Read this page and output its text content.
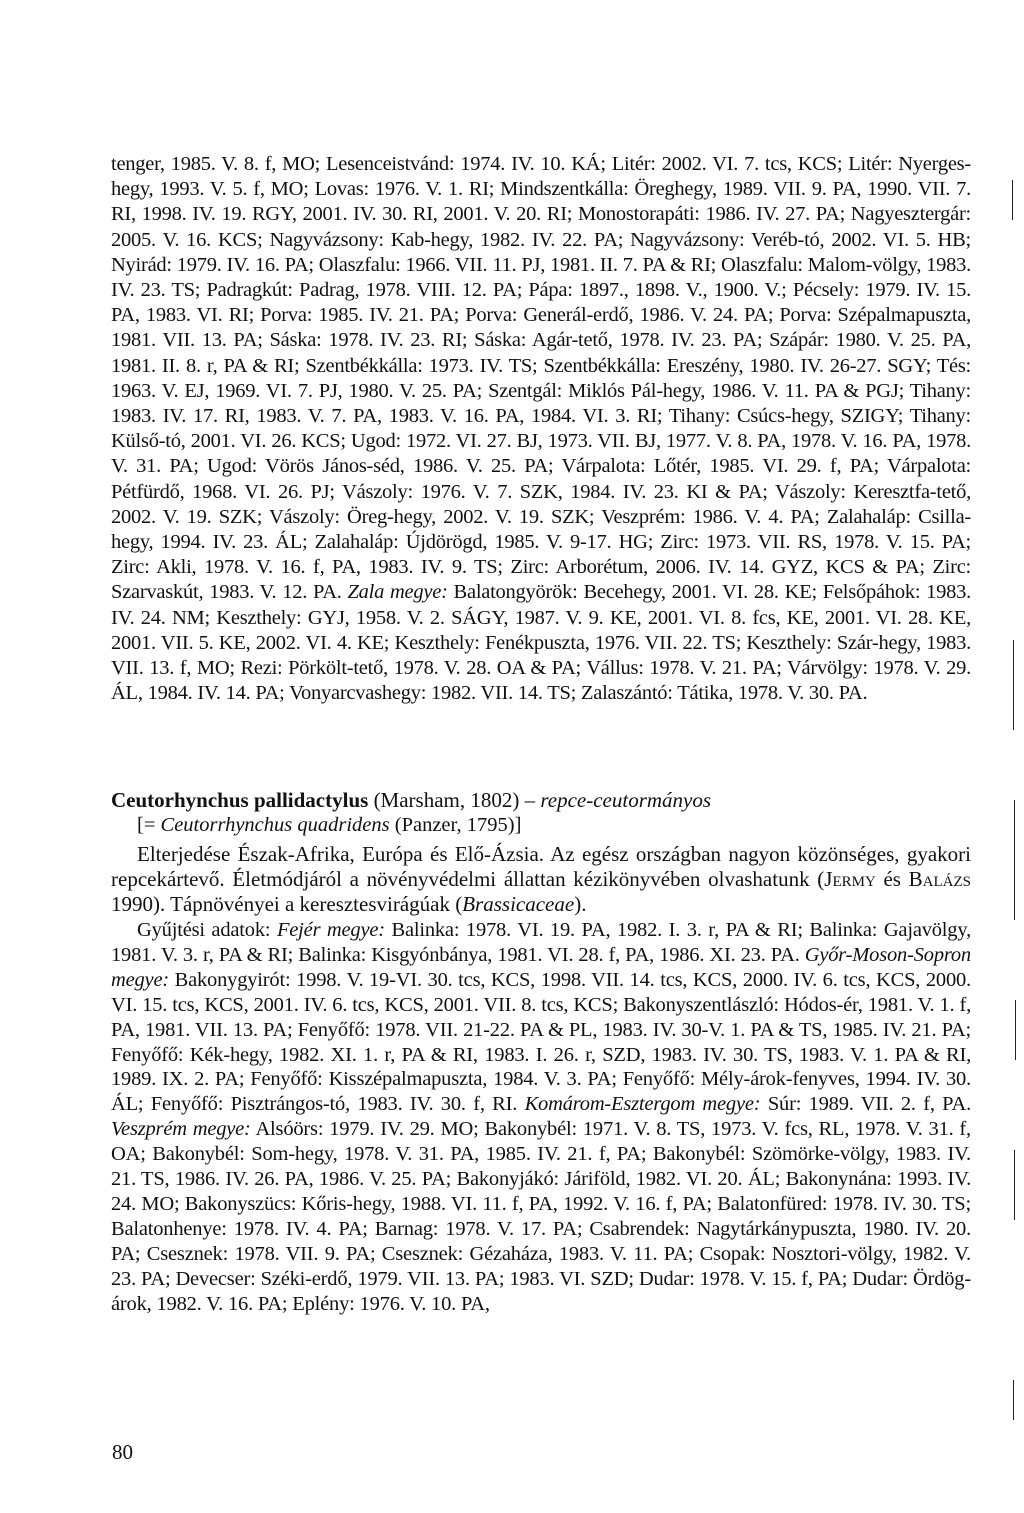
tenger, 1985. V. 8. f, MO; Lesenceistvánd: 1974. IV. 10. KÁ; Litér: 2002. VI. 7. tcs, KCS; Litér: Nyerges-hegy, 1993. V. 5. f, MO; Lovas: 1976. V. 1. RI; Mindszentkálla: Öreghegy, 1989. VII. 9. PA, 1990. VII. 7. RI, 1998. IV. 19. RGY, 2001. IV. 30. RI, 2001. V. 20. RI; Monostorapáti: 1986. IV. 27. PA; Nagyesztergár: 2005. V. 16. KCS; Nagyvázsony: Kab-hegy, 1982. IV. 22. PA; Nagyvázsony: Veréb-tó, 2002. VI. 5. HB; Nyirád: 1979. IV. 16. PA; Olaszfalu: 1966. VII. 11. PJ, 1981. II. 7. PA & RI; Olaszfalu: Malom-völgy, 1983. IV. 23. TS; Padragkút: Padrag, 1978. VIII. 12. PA; Pápa: 1897., 1898. V., 1900. V.; Pécsely: 1979. IV. 15. PA, 1983. VI. RI; Porva: 1985. IV. 21. PA; Porva: Generál-erdő, 1986. V. 24. PA; Porva: Szépalmapuszta, 1981. VII. 13. PA; Sáska: 1978. IV. 23. RI; Sáska: Agár-tető, 1978. IV. 23. PA; Szápár: 1980. V. 25. PA, 1981. II. 8. r, PA & RI; Szentbékkálla: 1973. IV. TS; Szentbékkálla: Ereszény, 1980. IV. 26-27. SGY; Tés: 1963. V. EJ, 1969. VI. 7. PJ, 1980. V. 25. PA; Szentgál: Miklós Pál-hegy, 1986. V. 11. PA & PGJ; Tihany: 1983. IV. 17. RI, 1983. V. 7. PA, 1983. V. 16. PA, 1984. VI. 3. RI; Tihany: Csúcs-hegy, SZIGY; Tihany: Külső-tó, 2001. VI. 26. KCS; Ugod: 1972. VI. 27. BJ, 1973. VII. BJ, 1977. V. 8. PA, 1978. V. 16. PA, 1978. V. 31. PA; Ugod: Vörös János-séd, 1986. V. 25. PA; Várpalota: Lőtér, 1985. VI. 29. f, PA; Várpalota: Pétfürdő, 1968. VI. 26. PJ; Vászoly: 1976. V. 7. SZK, 1984. IV. 23. KI & PA; Vászoly: Keresztfa-tető, 2002. V. 19. SZK; Vászoly: Öreg-hegy, 2002. V. 19. SZK; Veszprém: 1986. V. 4. PA; Zalahaláp: Csilla-hegy, 1994. IV. 23. ÁL; Zalahaláp: Újdörögd, 1985. V. 9-17. HG; Zirc: 1973. VII. RS, 1978. V. 15. PA; Zirc: Akli, 1978. V. 16. f, PA, 1983. IV. 9. TS; Zirc: Arborétum, 2006. IV. 14. GYZ, KCS & PA; Zirc: Szarvaskút, 1983. V. 12. PA. Zala megye: Balatongyörök: Becehegy, 2001. VI. 28. KE; Felsőpáhok: 1983. IV. 24. NM; Keszthely: GYJ, 1958. V. 2. SÁGY, 1987. V. 9. KE, 2001. VI. 8. fcs, KE, 2001. VI. 28. KE, 2001. VII. 5. KE, 2002. VI. 4. KE; Keszthely: Fenékpuszta, 1976. VII. 22. TS; Keszthely: Szár-hegy, 1983. VII. 13. f, MO; Rezi: Pörkölt-tető, 1978. V. 28. OA & PA; Vállus: 1978. V. 21. PA; Várvölgy: 1978. V. 29. ÁL, 1984. IV. 14. PA; Vonyarcvashegy: 1982. VII. 14. TS; Zalaszántó: Tátika, 1978. V. 30. PA.

Ceutorhynchus pallidactylus (Marsham, 1802) – repce-ceutormányos

[= Ceutorrhynchus quadridens (Panzer, 1795)]

Elterjedése Észak-Afrika, Európa és Elő-Ázsia. Az egész országban nagyon közönséges, gyakori repcekártevő. Életmódjáról a növényvédelmi állattan kézikönyvében olvashatunk (Jermy és Balázs 1990). Tápnövényei a keresztesvirágúak (Brassicaceae).

Gyűjtési adatok: Fejér megye: Balinka: 1978. VI. 19. PA, 1982. I. 3. r, PA & RI; Balinka: Gajavölgy, 1981. V. 3. r, PA & RI; Balinka: Kisgyónbánya, 1981. VI. 28. f, PA, 1986. XI. 23. PA. Győr-Moson-Sopron megye: Bakonygyirót: 1998. V. 19-VI. 30. tcs, KCS, 1998. VII. 14. tcs, KCS, 2000. IV. 6. tcs, KCS, 2000. VI. 15. tcs, KCS, 2001. IV. 6. tcs, KCS, 2001. VII. 8. tcs, KCS; Bakonyszentlászló: Hódos-ér, 1981. V. 1. f, PA, 1981. VII. 13. PA; Fenyőfő: 1978. VII. 21-22. PA & PL, 1983. IV. 30-V. 1. PA & TS, 1985. IV. 21. PA; Fenyőfő: Kék-hegy, 1982. XI. 1. r, PA & RI, 1983. I. 26. r, SZD, 1983. IV. 30. TS, 1983. V. 1. PA & RI, 1989. IX. 2. PA; Fenyőfő: Kisszépalmapuszta, 1984. V. 3. PA; Fenyőfő: Mély-árok-fenyves, 1994. IV. 30. ÁL; Fenyőfő: Pisztrángos-tó, 1983. IV. 30. f, RI. Komárom-Esztergom megye: Súr: 1989. VII. 2. f, PA. Veszprém megye: Alsóörs: 1979. IV. 29. MO; Bakonybél: 1971. V. 8. TS, 1973. V. fcs, RL, 1978. V. 31. f, OA; Bakonybél: Som-hegy, 1978. V. 31. PA, 1985. IV. 21. f, PA; Bakonybél: Szömörke-völgy, 1983. IV. 21. TS, 1986. IV. 26. PA, 1986. V. 25. PA; Bakonyjákó: Járiföld, 1982. VI. 20. ÁL; Bakonynána: 1993. IV. 24. MO; Bakonyszücs: Kőris-hegy, 1988. VI. 11. f, PA, 1992. V. 16. f, PA; Balatonfüred: 1978. IV. 30. TS; Balatonhenye: 1978. IV. 4. PA; Barnag: 1978. V. 17. PA; Csabrendek: Nagytárkánypuszta, 1980. IV. 20. PA; Csesznek: 1978. VII. 9. PA; Csesznek: Gézaháza, 1983. V. 11. PA; Csopak: Nosztori-völgy, 1982. V. 23. PA; Devecser: Széki-erdő, 1979. VII. 13. PA; 1983. VI. SZD; Dudar: 1978. V. 15. f, PA; Dudar: Ördög-árok, 1982. V. 16. PA; Eplény: 1976. V. 10. PA,

80
